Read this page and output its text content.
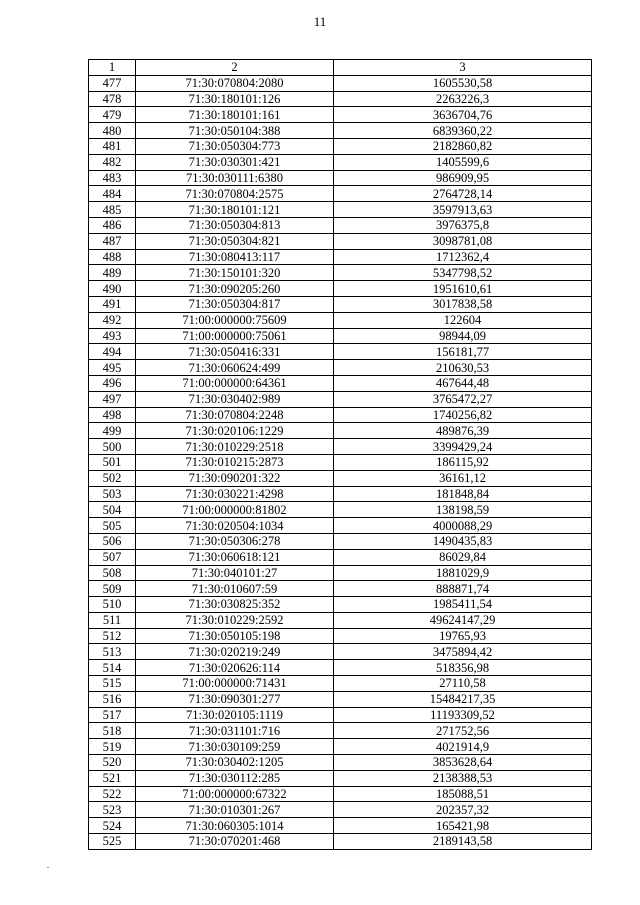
11
1	2	3
477	71:30:070804:2080	1605530,58
478	71:30:180101:126	2263226,3
479	71:30:180101:161	3636704,76
480	71:30:050104:388	6839360,22
481	71:30:050304:773	2182860,82
482	71:30:030301:421	1405599,6
483	71:30:030111:6380	986909,95
484	71:30:070804:2575	2764728,14
485	71:30:180101:121	3597913,63
486	71:30:050304:813	3976375,8
487	71:30:050304:821	3098781,08
488	71:30:080413:117	1712362,4
489	71:30:150101:320	5347798,52
490	71:30:090205:260	1951610,61
491	71:30:050304:817	3017838,58
492	71:00:000000:75609	122604
493	71:00:000000:75061	98944,09
494	71:30:050416:331	156181,77
495	71:30:060624:499	210630,53
496	71:00:000000:64361	467644,48
497	71:30:030402:989	3765472,27
498	71:30:070804:2248	1740256,82
499	71:30:020106:1229	489876,39
500	71:30:010229:2518	3399429,24
501	71:30:010215:2873	186115,92
502	71:30:090201:322	36161,12
503	71:30:030221:4298	181848,84
504	71:00:000000:81802	138198,59
505	71:30:020504:1034	4000088,29
506	71:30:050306:278	1490435,83
507	71:30:060618:121	86029,84
508	71:30:040101:27	1881029,9
509	71:30:010607:59	888871,74
510	71:30:030825:352	1985411,54
511	71:30:010229:2592	49624147,29
512	71:30:050105:198	19765,93
513	71:30:020219:249	3475894,42
514	71:30:020626:114	518356,98
515	71:00:000000:71431	27110,58
516	71:30:090301:277	15484217,35
517	71:30:020105:1119	11193309,52
518	71:30:031101:716	271752,56
519	71:30:030109:259	4021914,9
520	71:30:030402:1205	3853628,64
521	71:30:030112:285	2138388,53
522	71:00:000000:67322	185088,51
523	71:30:010301:267	202357,32
524	71:30:060305:1014	165421,98
525	71:30:070201:468	2189143,58
